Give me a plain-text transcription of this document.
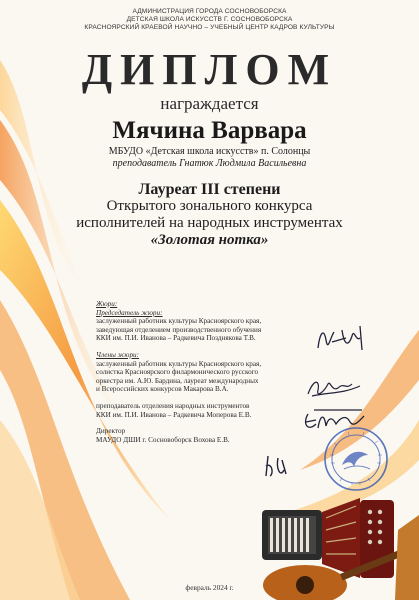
АДМИНИСТРАЦИЯ ГОРОДА СОСНОВОБОРСКА
ДЕТСКАЯ ШКОЛА ИСКУССТВ Г. СОСНОВОБОРСКА
КРАСНОЯРСКИЙ КРАЕВОЙ НАУЧНО – УЧЕБНЫЙ ЦЕНТР КАДРОВ КУЛЬТУРЫ
ДИПЛОМ
награждается
Мячина Варвара
МБУДО «Детская школа искусств» п. Солонцы
преподаватель Гнатюк Людмила Васильевна
Лауреат III степени
Открытого зонального конкурса
исполнителей на народных инструментах
«Золотая нотка»
Жюри:
Председатель жюри:
заслуженный работник культуры Красноярского края,
заведующая отделением производственного обучения
ККИ им. П.И. Иванова – Радкевича Позднякова Т.В.
Члены жюри:
заслуженный работник культуры Красноярского края,
солистка Красноярского филармонического русского
оркестра им. А.Ю. Бардина, лауреат международных
и Всероссийских конкурсов Макарова В.А.
преподаватель отделения народных инструментов
ККИ им. П.И. Иванова – Радкевича Моперова Е.В.
Директор
МАУДО ДШИ г. Сосновоборск Вохова Е.В.
февраль 2024 г.
